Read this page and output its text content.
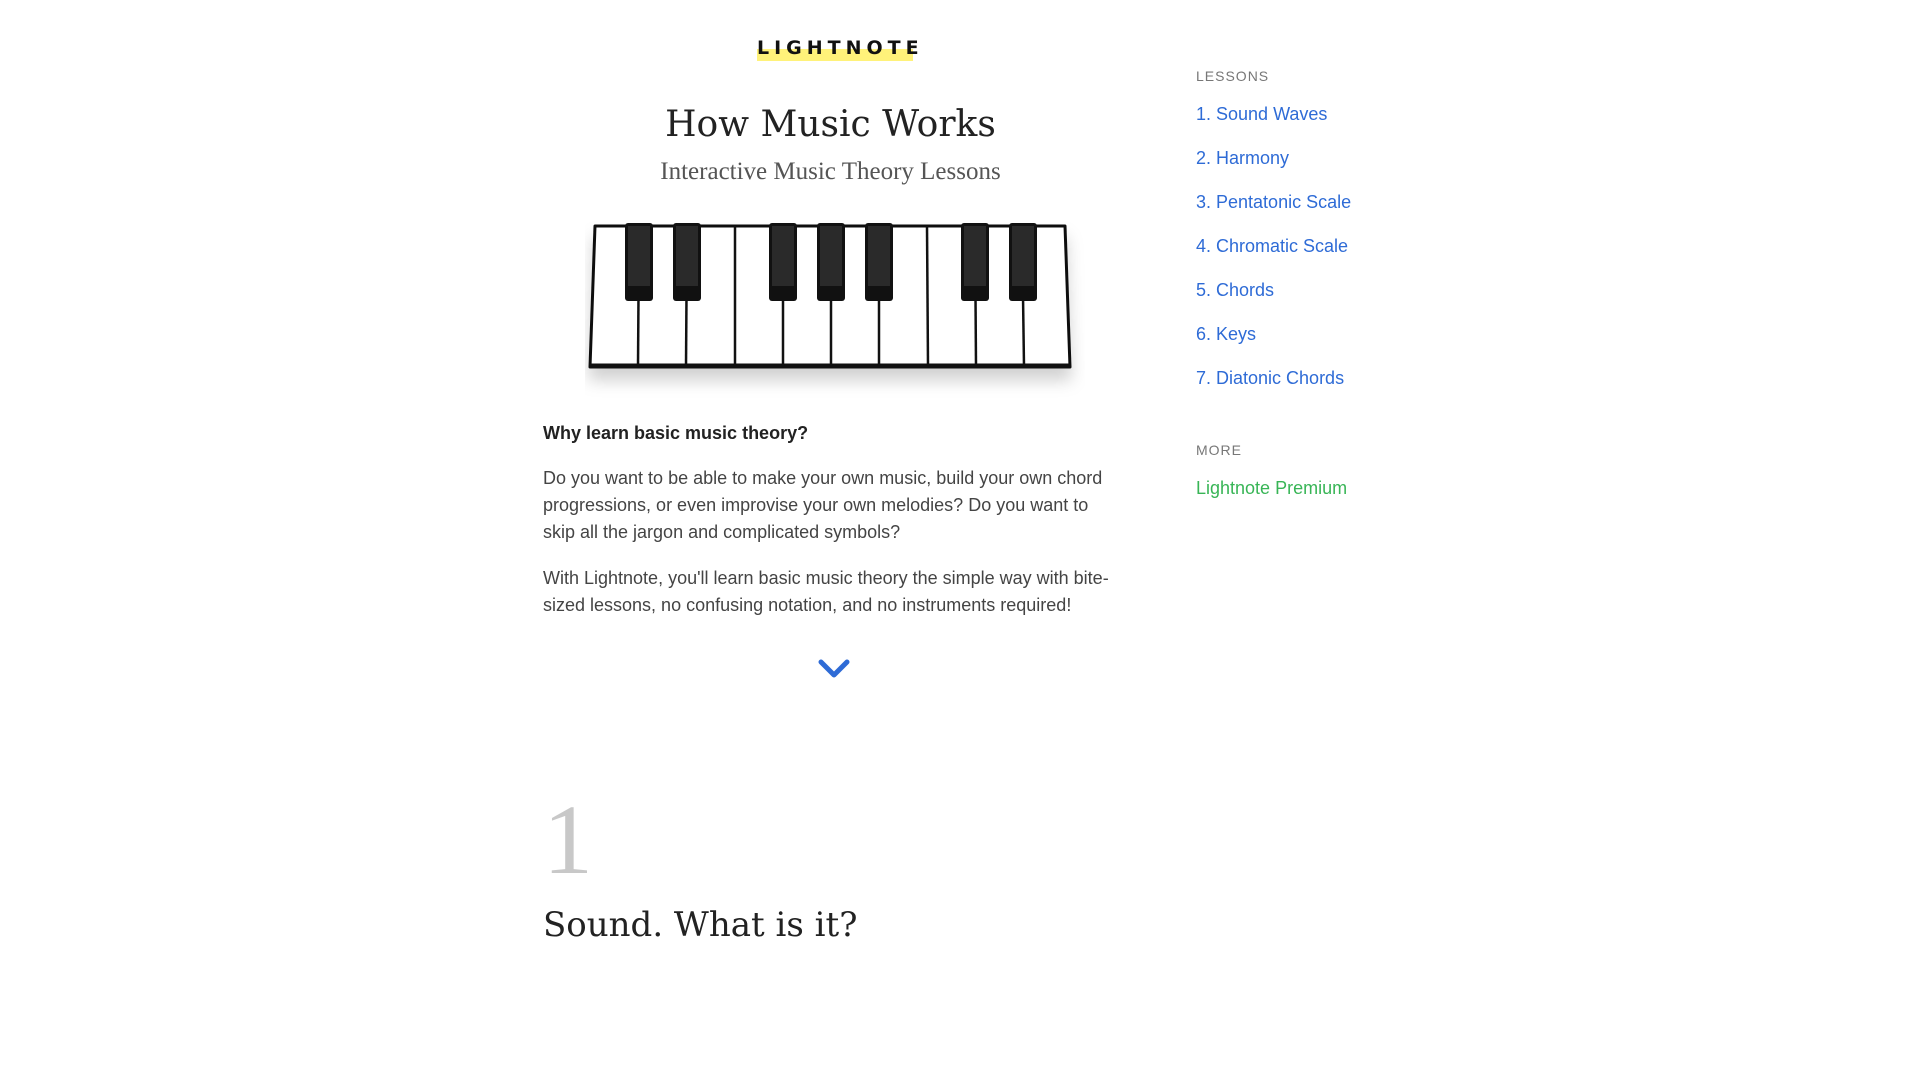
LIGHTNOTE
How Music Works
Interactive Music Theory Lessons
Why learn basic music theory?
Do you want to be able to make your own music, build your own chord progressions, or even improvise your own melodies? Do you want to skip all the jargon and complicated symbols?
With Lightnote, you'll learn basic music theory the simple way with bite-sized lessons, no confusing notation, and no instruments required!
1
Sound. What is it?
LESSONS
1. Sound Waves
2. Harmony
3. Pentatonic Scale
4. Chromatic Scale
5. Chords
6. Keys
7. Diatonic Chords
MORE
Lightnote Premium
